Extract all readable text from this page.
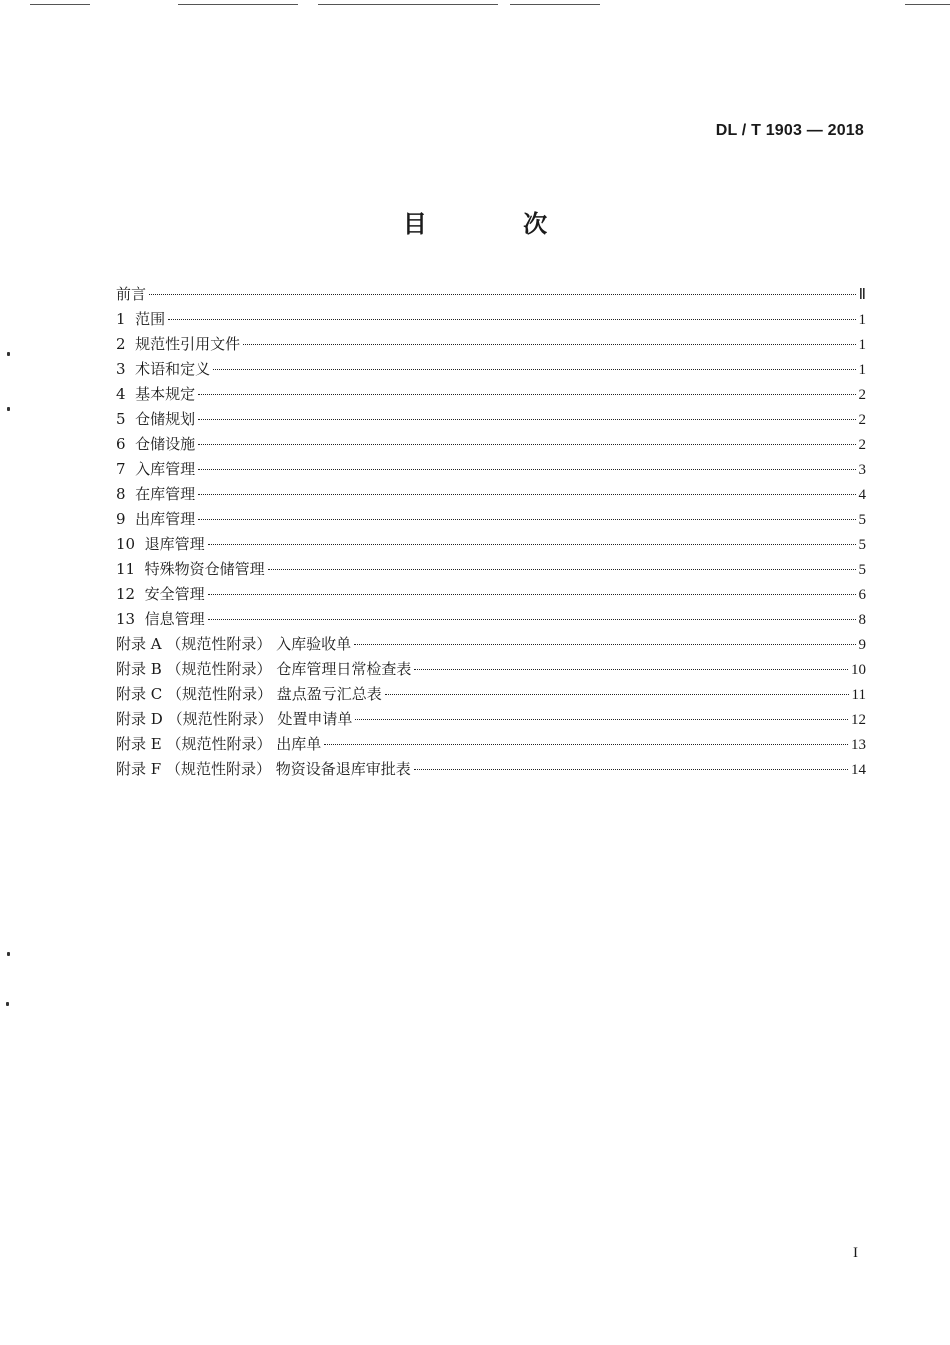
DL / T 1903 — 2018
目 次
前言	Ⅱ
1  范围	1
2  规范性引用文件	1
3  术语和定义	1
4  基本规定	2
5  仓储规划	2
6  仓储设施	2
7  入库管理	3
8  在库管理	4
9  出库管理	5
10  退库管理	5
11  特殊物资仓储管理	5
12  安全管理	6
13  信息管理	8
附录 A （规范性附录） 入库验收单	9
附录 B （规范性附录） 仓库管理日常检查表	10
附录 C （规范性附录） 盘点盈亏汇总表	11
附录 D （规范性附录） 处置申请单	12
附录 E （规范性附录） 出库单	13
附录 F （规范性附录） 物资设备退库审批表	14
I
